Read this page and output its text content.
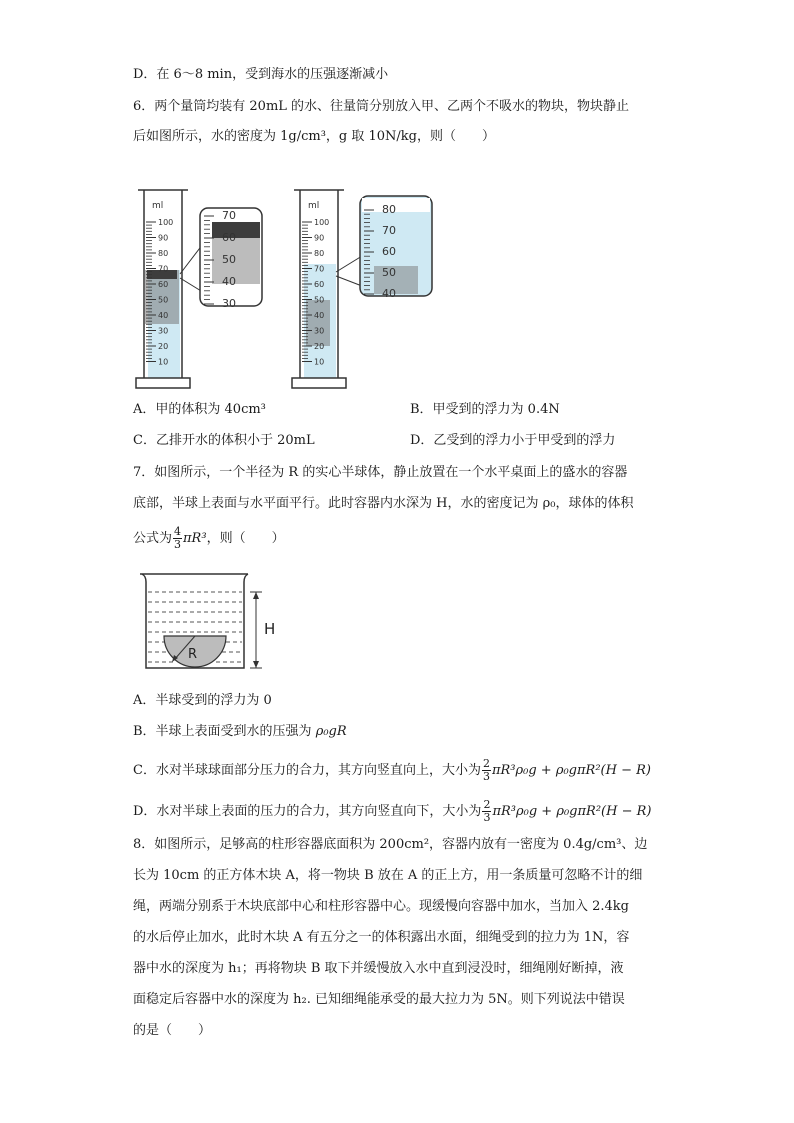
D．在 6～8 min，受到海水的压强逐渐减小
6．两个量筒均装有 20mL 的水、往量筒分别放入甲、乙两个不吸水的物块，物块静止
后如图所示，水的密度为 1g/cm³，g 取 10N/kg，则（　　）
ml
100
90
80
70
60
50
40
30
20
10
70
60
50
40
30
ml
100
90
80
70
60
50
40
30
20
10
80
70
60
50
40
A．甲的体积为 40cm³	B．甲受到的浮力为 0.4N
C．乙排开水的体积小于 20mL	D．乙受到的浮力小于甲受到的浮力
7．如图所示，一个半径为 R 的实心半球体，静止放置在一个水平桌面上的盛水的容器
底部，半球上表面与水平面平行。此时容器内水深为 H，水的密度记为 ρ₀，球体的体积
公式为 $\frac{4}{3} \pi R^3$，则（　　）
R
H
A．半球受到的浮力为 0
B．半球上表面受到水的压强为 ρ₀gR
C．水对半球球面部分压力的合力，其方向竖直向上，大小为 $\frac{2}{3} \pi R^3\rho_0g + \rho_0g\pi R^2(H - R)$
D．水对半球上表面的压力的合力，其方向竖直向下，大小为 $\frac{2}{3} \pi R^3\rho_0g + \rho_0g\pi R^2(H - R)$
8．如图所示，足够高的柱形容器底面积为 200cm²，容器内放有一密度为 0.4g/cm³、边
长为 10cm 的正方体木块 A，将一物块 B 放在 A 的正上方，用一条质量可忽略不计的细
绳，两端分别系于木块底部中心和柱形容器中心。现缓慢向容器中加水，当加入 2.4kg
的水后停止加水，此时木块 A 有五分之一的体积露出水面，细绳受到的拉力为 1N，容
器中水的深度为 h₁；再将物块 B 取下并缓慢放入水中直到浸没时，细绳刚好断掉，液
面稳定后容器中水的深度为 h₂. 已知细绳能承受的最大拉力为 5N。则下列说法中错误
的是（　　）
